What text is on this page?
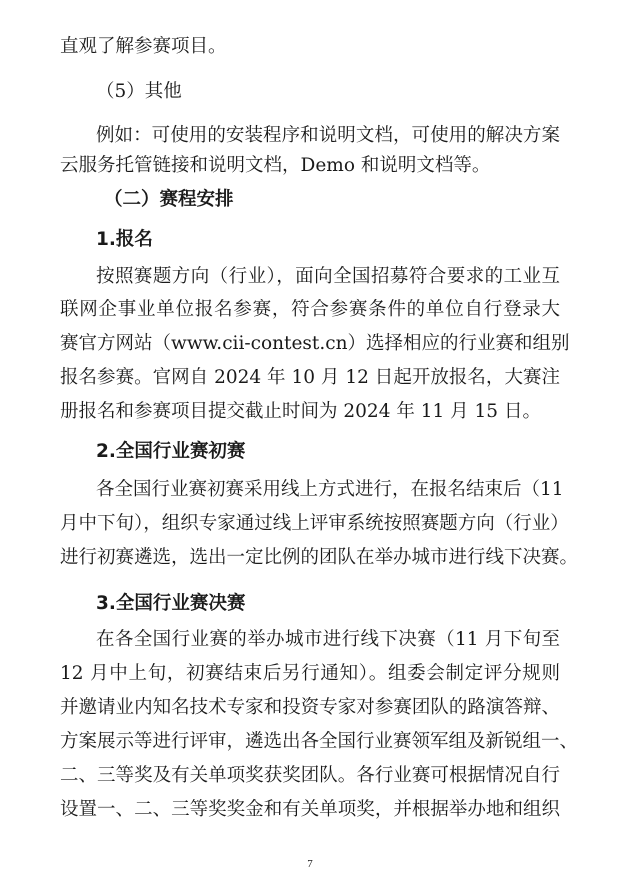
直观了解参赛项目。
（5）其他
例如：可使用的安装程序和说明文档，可使用的解决方案
云服务托管链接和说明文档，Demo 和说明文档等。
（二）赛程安排
1.报名
按照赛题方向（行业），面向全国招募符合要求的工业互
联网企事业单位报名参赛，符合参赛条件的单位自行登录大
赛官方网站（www.cii-contest.cn）选择相应的行业赛和组别
报名参赛。官网自 2024 年 10 月 12 日起开放报名，大赛注
册报名和参赛项目提交截止时间为 2024 年 11 月 15 日。
2.全国行业赛初赛
各全国行业赛初赛采用线上方式进行，在报名结束后（11
月中下旬），组织专家通过线上评审系统按照赛题方向（行业）
进行初赛遴选，选出一定比例的团队在举办城市进行线下决赛。
3.全国行业赛决赛
在各全国行业赛的举办城市进行线下决赛（11 月下旬至
12 月中上旬，初赛结束后另行通知）。组委会制定评分规则
并邀请业内知名技术专家和投资专家对参赛团队的路演答辩、
方案展示等进行评审，遴选出各全国行业赛领军组及新锐组一、
二、三等奖及有关单项奖获奖团队。各行业赛可根据情况自行
设置一、二、三等奖奖金和有关单项奖，并根据举办地和组织
7
